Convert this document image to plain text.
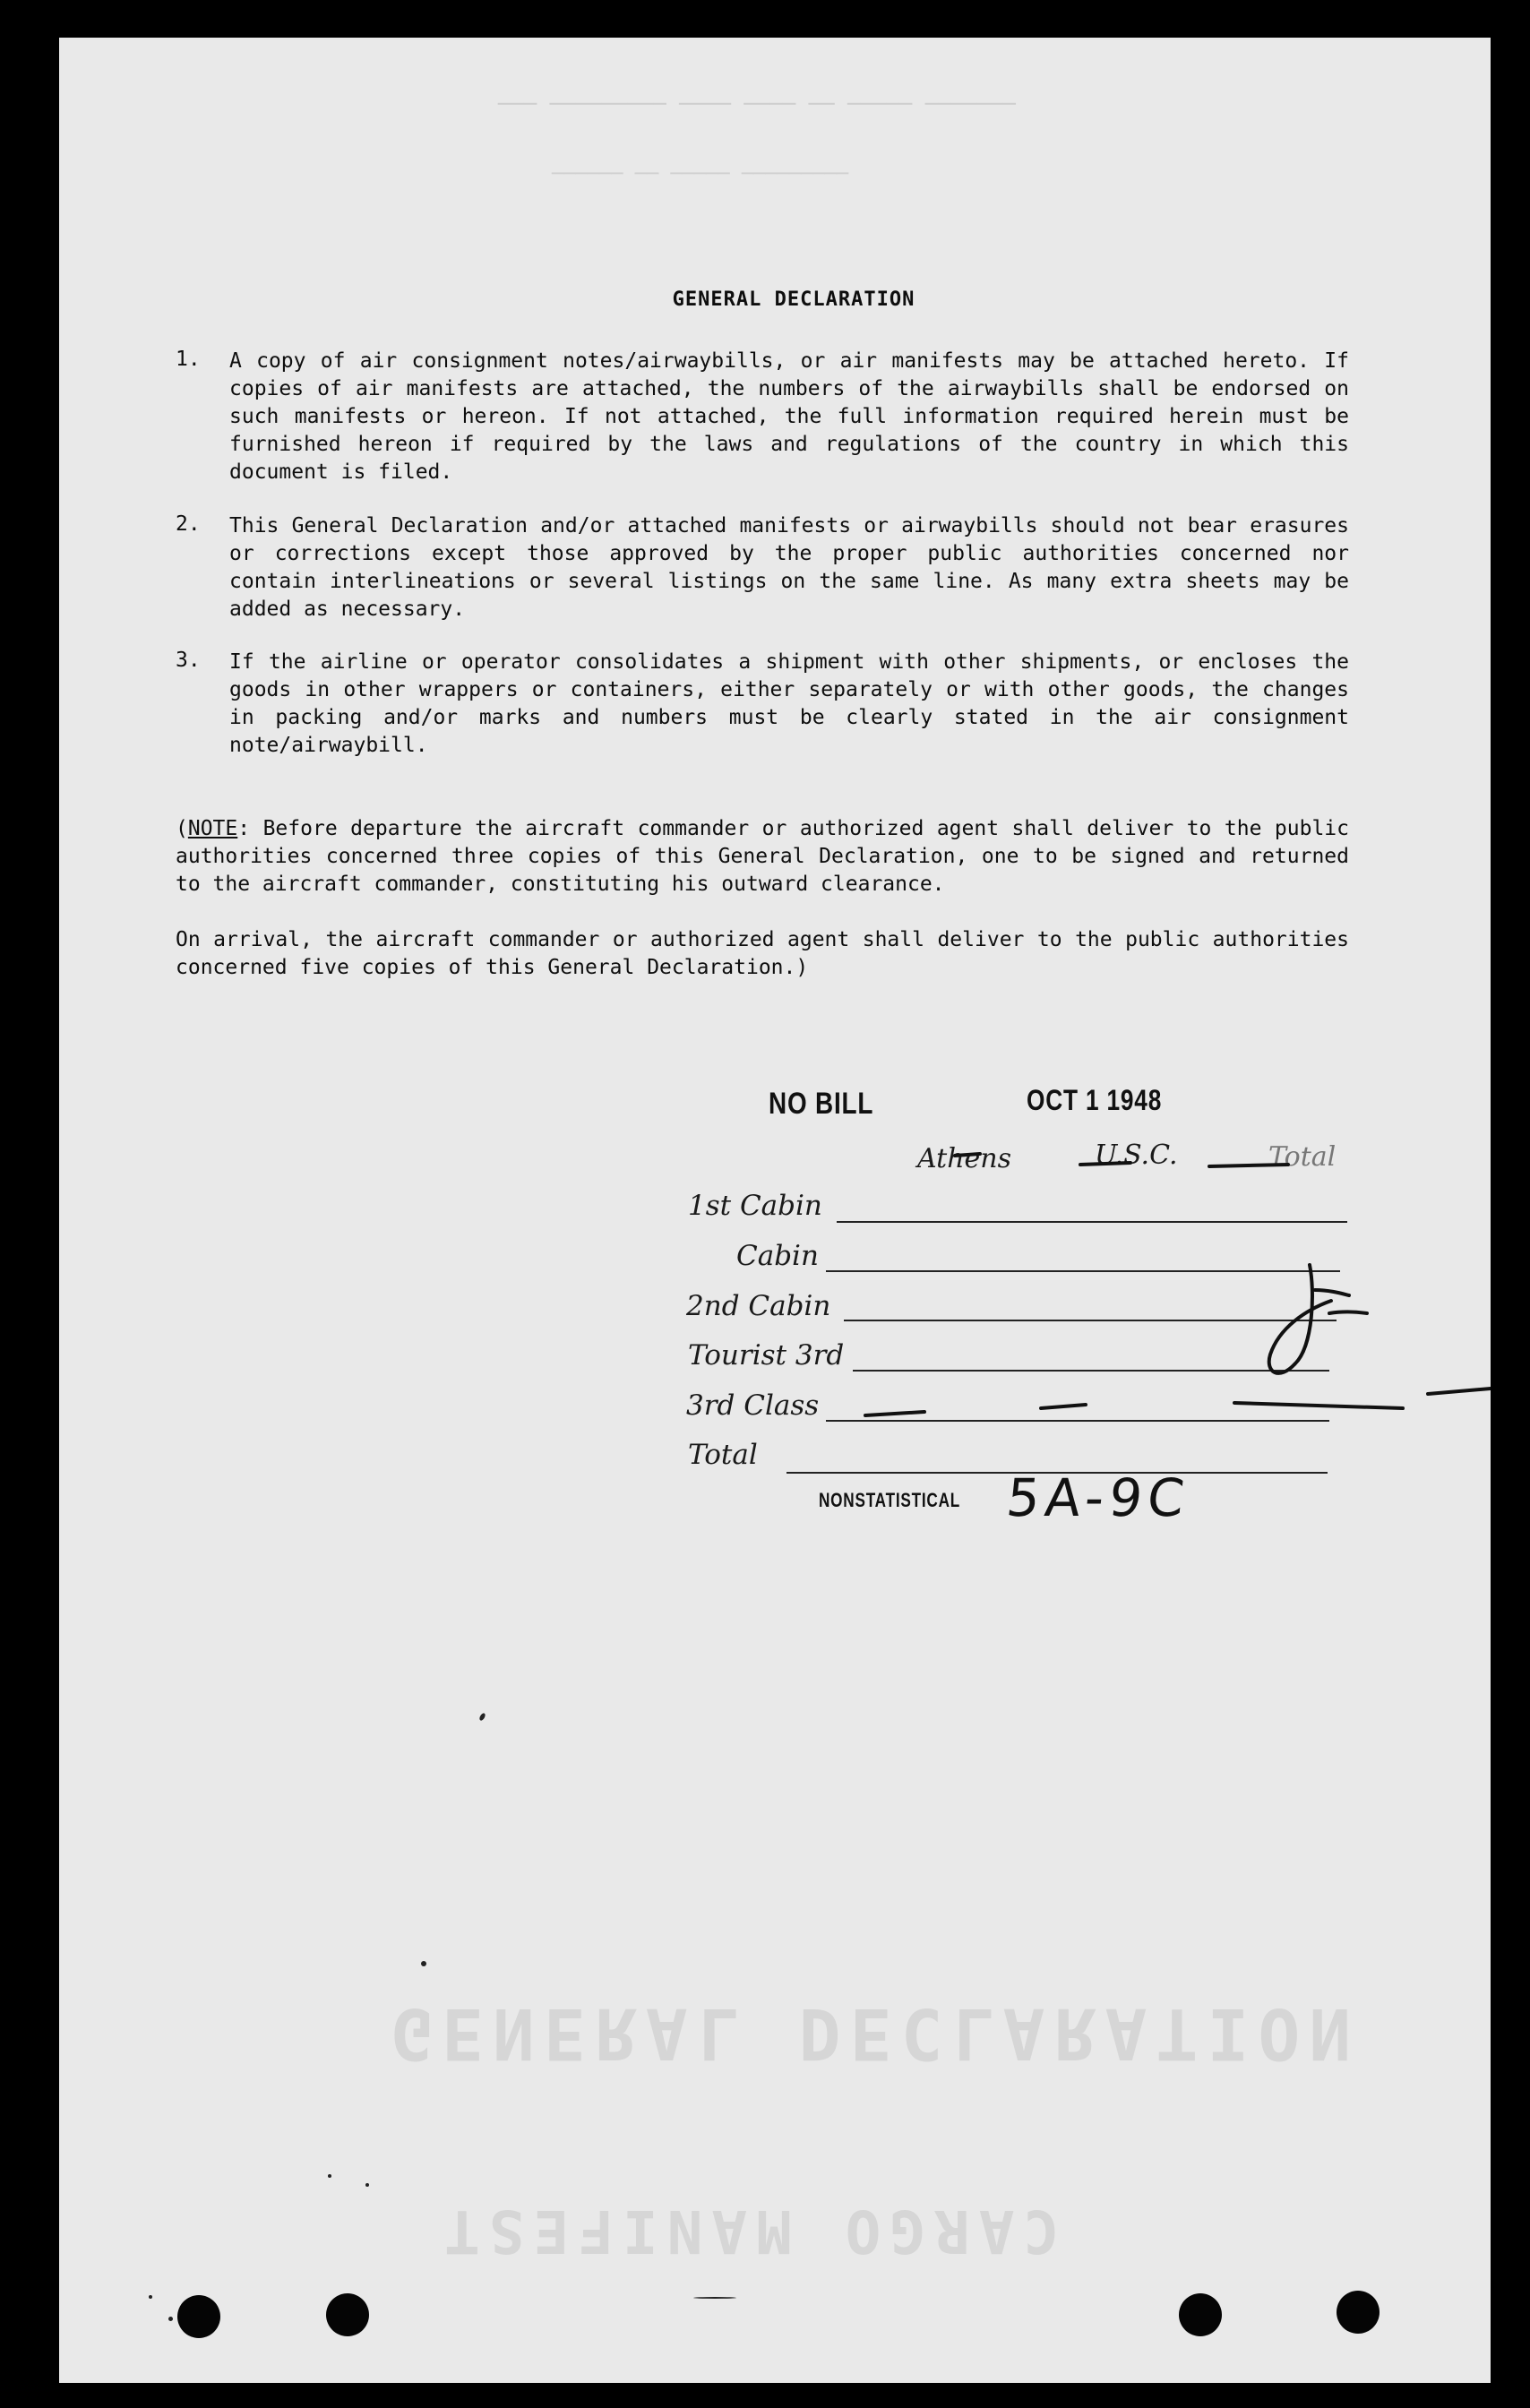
─── ───────── ──── ──── ── ───── ───────
────── ── ───── ─────────
GENERAL DECLARATION
CARGO MANIFEST
GENERAL DECLARATION
1. A copy of air consignment notes/airwaybills, or air manifests may be attached hereto. If copies of air manifests are attached, the numbers of the airwaybills shall be endorsed on such manifests or hereon. If not attached, the full information required herein must be furnished hereon if required by the laws and regulations of the country in which this document is filed.
2. This General Declaration and/or attached manifests or airwaybills should not bear erasures or corrections except those approved by the proper public authorities concerned nor contain interlineations or several listings on the same line. As many extra sheets may be added as necessary.
3. If the airline or operator consolidates a shipment with other shipments, or encloses the goods in other wrappers or containers, either separately or with other goods, the changes in packing and/or marks and numbers must be clearly stated in the air consignment note/airwaybill.
(NOTE: Before departure the aircraft commander or authorized agent shall deliver to the public authorities concerned three copies of this General Declaration, one to be signed and returned to the aircraft commander, constituting his outward clearance.
On arrival, the aircraft commander or authorized agent shall deliver to the public authorities concerned five copies of this General Declaration.)
NO BILL	OCT 1 1948
Athens	U.S.C.	Total
1st Cabin
Cabin
2nd Cabin
Tourist 3rd
3rd Class
Total
NONSTATISTICAL 5A-9C
